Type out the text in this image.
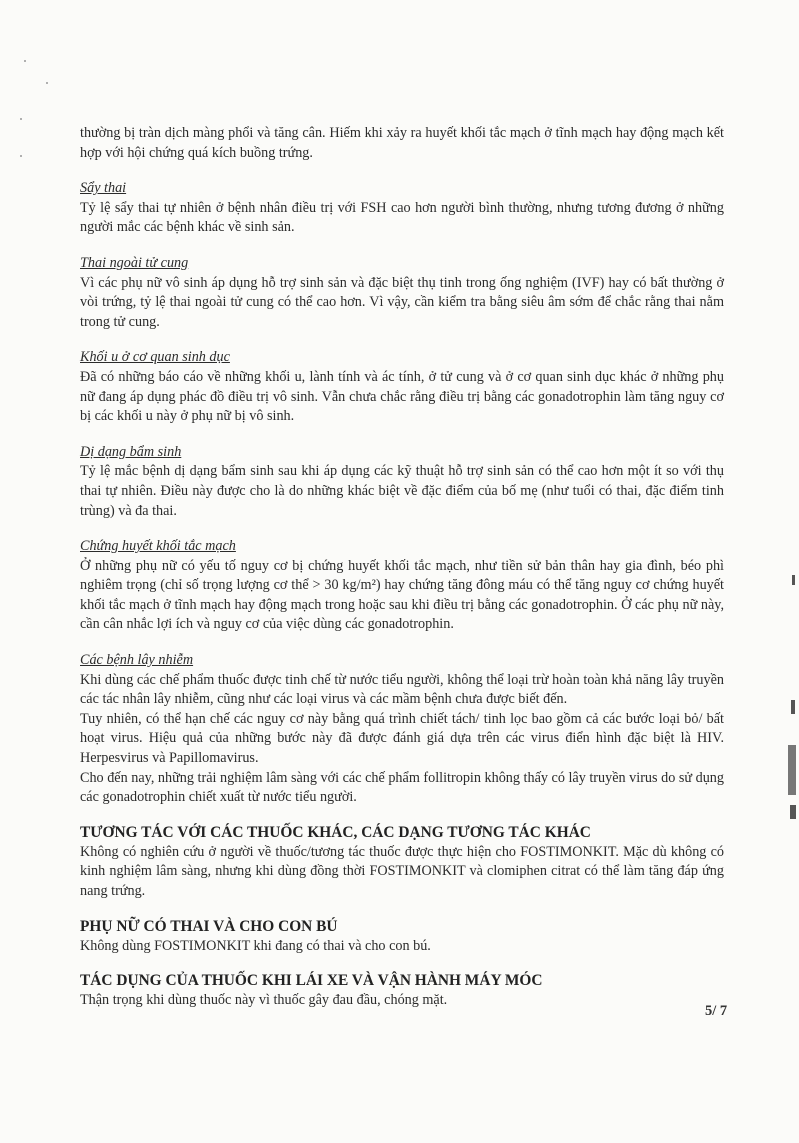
thường bị tràn dịch màng phổi và tăng cân. Hiếm khi xảy ra huyết khối tắc mạch ở tĩnh mạch hay động mạch kết hợp với hội chứng quá kích buồng trứng.

Sẩy thai

Tỷ lệ sẩy thai tự nhiên ở bệnh nhân điều trị với FSH cao hơn người bình thường, nhưng tương đương ở những người mắc các bệnh khác về sinh sản.

Thai ngoài tử cung

Vì các phụ nữ vô sinh áp dụng hỗ trợ sinh sản và đặc biệt thụ tinh trong ống nghiệm (IVF) hay có bất thường ở vòi trứng, tỷ lệ thai ngoài tử cung có thể cao hơn. Vì vậy, cần kiểm tra bằng siêu âm sớm để chắc rằng thai nằm trong tử cung.

Khối u ở cơ quan sinh dục

Đã có những báo cáo về những khối u, lành tính và ác tính, ở tử cung và ở cơ quan sinh dục khác ở những phụ nữ đang áp dụng phác đồ điều trị vô sinh. Vẫn chưa chắc rằng điều trị bằng các gonadotrophin làm tăng nguy cơ bị các khối u này ở phụ nữ bị vô sinh.

Dị dạng bẩm sinh

Tỷ lệ mắc bệnh dị dạng bẩm sinh sau khi áp dụng các kỹ thuật hỗ trợ sinh sản có thể cao hơn một ít so với thụ thai tự nhiên. Điều này được cho là do những khác biệt về đặc điểm của bố mẹ (như tuổi có thai, đặc điểm tinh trùng) và đa thai.

Chứng huyết khối tắc mạch

Ở những phụ nữ có yếu tố nguy cơ bị chứng huyết khối tắc mạch, như tiền sử bản thân hay gia đình, béo phì nghiêm trọng (chỉ số trọng lượng cơ thể > 30 kg/m²) hay chứng tăng đông máu có thể tăng nguy cơ chứng huyết khối tắc mạch ở tĩnh mạch hay động mạch trong hoặc sau khi điều trị bằng các gonadotrophin. Ở các phụ nữ này, cần cân nhắc lợi ích và nguy cơ của việc dùng các gonadotrophin.

Các bệnh lây nhiễm

Khi dùng các chế phẩm thuốc được tinh chế từ nước tiểu người, không thể loại trừ hoàn toàn khả năng lây truyền các tác nhân lây nhiễm, cũng như các loại virus và các mầm bệnh chưa được biết đến.

Tuy nhiên, có thể hạn chế các nguy cơ này bằng quá trình chiết tách/ tinh lọc bao gồm cả các bước loại bỏ/ bất hoạt virus. Hiệu quả của những bước này đã được đánh giá dựa trên các virus điển hình đặc biệt là HIV. Herpesvirus và Papillomavirus.

Cho đến nay, những trải nghiệm lâm sàng với các chế phẩm follitropin không thấy có lây truyền virus do sử dụng các gonadotrophin chiết xuất từ nước tiểu người.

TƯƠNG TÁC VỚI CÁC THUỐC KHÁC, CÁC DẠNG TƯƠNG TÁC KHÁC

Không có nghiên cứu ở người về thuốc/tương tác thuốc được thực hiện cho FOSTIMONKIT. Mặc dù không có kinh nghiệm lâm sàng, nhưng khi dùng đồng thời FOSTIMONKIT và clomiphen citrat có thể làm tăng đáp ứng nang trứng.

PHỤ NỮ CÓ THAI VÀ CHO CON BÚ

Không dùng FOSTIMONKIT khi đang có thai và cho con bú.

TÁC DỤNG CỦA THUỐC KHI LÁI XE VÀ VẬN HÀNH MÁY MÓC

Thận trọng khi dùng thuốc này vì thuốc gây đau đầu, chóng mặt.

5/ 7
